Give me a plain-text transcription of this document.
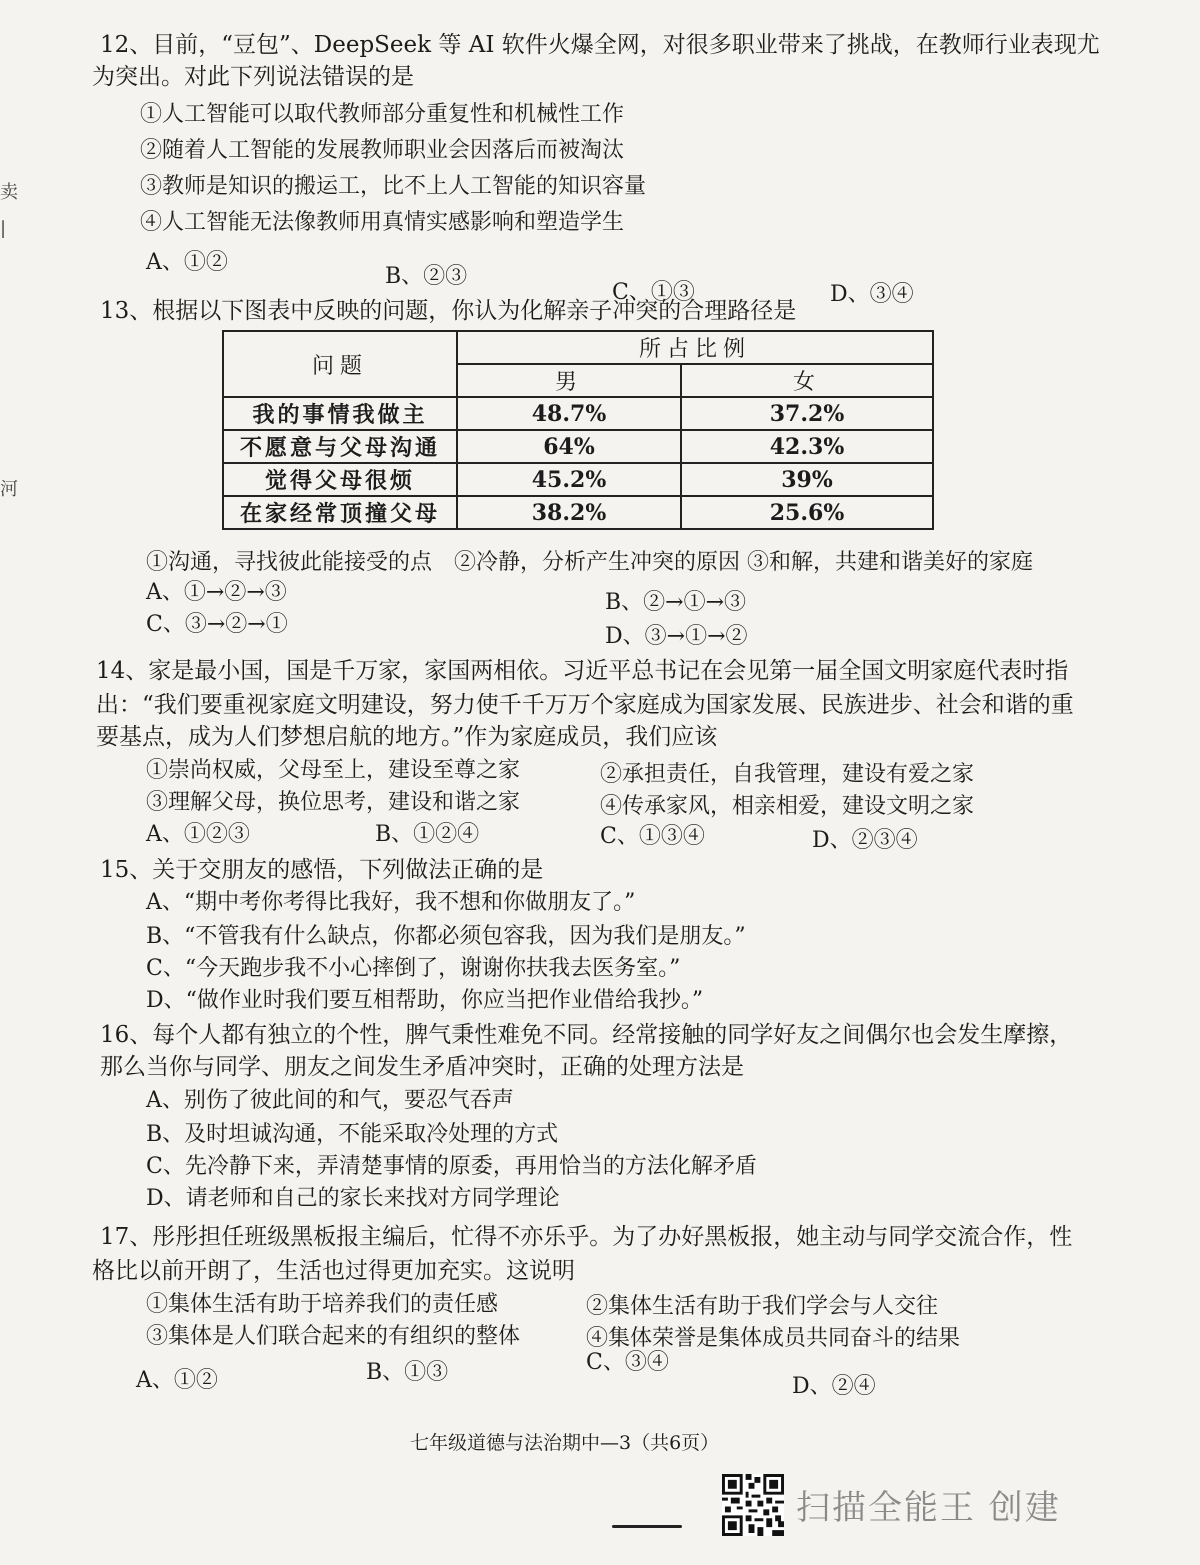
卖
|
河
12、目前，“豆包”、DeepSeek 等 AI 软件火爆全网，对很多职业带来了挑战，在教师行业表现尤
为突出。对此下列说法错误的是
①人工智能可以取代教师部分重复性和机械性工作
②随着人工智能的发展教师职业会因落后而被淘汰
③教师是知识的搬运工，比不上人工智能的知识容量
④人工智能无法像教师用真情实感影响和塑造学生
A、①②
B、②③
C、①③	D、③④
13、根据以下图表中反映的问题，你认为化解亲子冲突的合理路径是
问题	所占比例	
	男	女
我的事情我做主	48.7%	37.2%
不愿意与父母沟通	64%	42.3%
觉得父母很烦	45.2%	39%
在家经常顶撞父母	38.2%	25.6%
①沟通，寻找彼此能接受的点　②冷静，分析产生冲突的原因 ③和解，共建和谐美好的家庭
A、①→②→③	B、②→①→③
C、③→②→①	D、③→①→②
14、家是最小国，国是千万家，家国两相依。习近平总书记在会见第一届全国文明家庭代表时指
出：“我们要重视家庭文明建设，努力使千千万万个家庭成为国家发展、民族进步、社会和谐的重
要基点，成为人们梦想启航的地方。”作为家庭成员，我们应该
①崇尚权威，父母至上，建设至尊之家	②承担责任，自我管理，建设有爱之家
③理解父母，换位思考，建设和谐之家	④传承家风，相亲相爱，建设文明之家
A、①②③	B、①②④	C、①③④	D、②③④
15、关于交朋友的感悟，下列做法正确的是
A、“期中考你考得比我好，我不想和你做朋友了。”
B、“不管我有什么缺点，你都必须包容我，因为我们是朋友。”
C、“今天跑步我不小心摔倒了，谢谢你扶我去医务室。”
D、“做作业时我们要互相帮助，你应当把作业借给我抄。”
16、每个人都有独立的个性，脾气秉性难免不同。经常接触的同学好友之间偶尔也会发生摩擦，
那么当你与同学、朋友之间发生矛盾冲突时，正确的处理方法是
A、别伤了彼此间的和气，要忍气吞声
B、及时坦诚沟通，不能采取冷处理的方式
C、先冷静下来，弄清楚事情的原委，再用恰当的方法化解矛盾
D、请老师和自己的家长来找对方同学理论
17、彤彤担任班级黑板报主编后，忙得不亦乐乎。为了办好黑板报，她主动与同学交流合作，性
格比以前开朗了，生活也过得更加充实。这说明
①集体生活有助于培养我们的责任感	②集体生活有助于我们学会与人交往
③集体是人们联合起来的有组织的整体	④集体荣誉是集体成员共同奋斗的结果
A、①②	B、①③	C、③④
D、②④
七年级道德与法治期中—3（共6页）
扫描全能王 创建
